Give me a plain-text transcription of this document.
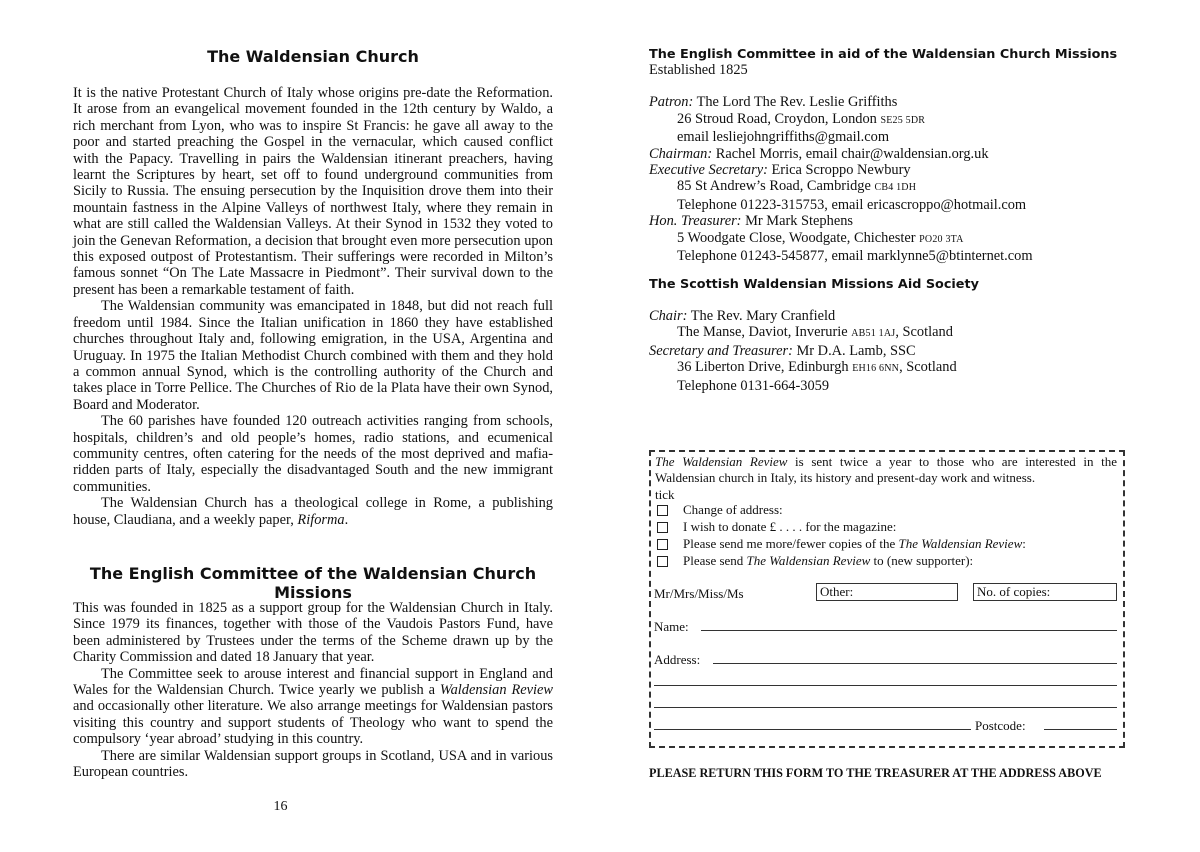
The Waldensian Church

It is the native Protestant Church of Italy whose origins pre-date the Reformation. It arose from an evangelical movement founded in the 12th century by Waldo, a rich merchant from Lyon, who was to inspire St Francis: he gave all away to the poor and started preaching the Gospel in the vernacular, which caused conflict with the Papacy. Travelling in pairs the Waldensian itinerant preachers, having learnt the Scriptures by heart, set off to found underground communities from Sicily to Russia. The ensuing persecution by the Inquisition drove them into their mountain fastness in the Alpine Valleys of northwest Italy, where they remain in what are still called the Waldensian Valleys. At their Synod in 1532 they voted to join the Genevan Reformation, a decision that brought even more persecution upon this exposed outpost of Protestantism. Their sufferings were recorded in Milton’s famous sonnet “On The Late Massacre in Piedmont”. Their survival down to the present has been a remarkable testament of faith.

The Waldensian community was emancipated in 1848, but did not reach full freedom until 1984. Since the Italian unification in 1860 they have established churches throughout Italy and, following emigration, in the USA, Argentina and Uruguay. In 1975 the Italian Methodist Church combined with them and they hold a common annual Synod, which is the controlling authority of the Church and takes place in Torre Pellice. The Churches of Rio de la Plata have their own Synod, Board and Moderator.

The 60 parishes have founded 120 outreach activities ranging from schools, hospitals, children’s and old people’s homes, radio stations, and ecumenical community centres, often catering for the needs of the most deprived and mafia-ridden parts of Italy, especially the disadvantaged South and the new immigrant communities.

The Waldensian Church has a theological college in Rome, a publishing house, Claudiana, and a weekly paper, Riforma.

The English Committee of the Waldensian Church Missions

This was founded in 1825 as a support group for the Waldensian Church in Italy. Since 1979 its finances, together with those of the Vaudois Pastors Fund, have been administered by Trustees under the terms of the Scheme drawn up by the Charity Commission and dated 18 January that year.

The Committee seek to arouse interest and financial support in England and Wales for the Waldensian Church. Twice yearly we publish a Waldensian Review and occasionally other literature. We also arrange meetings for Waldensian pastors visiting this country and support students of Theology who want to spend the compulsory ‘year abroad’ studying in this country.

There are similar Waldensian support groups in Scotland, USA and in various European countries.

16

The English Committee in aid of the Waldensian Church Missions

Established 1825

Patron: The Lord The Rev. Leslie Griffiths

26 Stroud Road, Croydon, London SE25 5DR

email lesliejohngriffiths@gmail.com

Chairman: Rachel Morris, email chair@waldensian.org.uk

Executive Secretary: Erica Scroppo Newbury

85 St Andrew’s Road, Cambridge CB4 1DH

Telephone 01223-315753, email ericascroppo@hotmail.com

Hon. Treasurer: Mr Mark Stephens

5 Woodgate Close, Woodgate, Chichester PO20 3TA

Telephone 01243-545877, email marklynne5@btinternet.com

The Scottish Waldensian Missions Aid Society

Chair: The Rev. Mary Cranfield

The Manse, Daviot, Inverurie AB51 1AJ, Scotland

Secretary and Treasurer: Mr D.A. Lamb, SSC

36 Liberton Drive, Edinburgh EH16 6NN, Scotland

Telephone 0131-664-3059

The Waldensian Review is sent twice a year to those who are interested in the Waldensian church in Italy, its history and present-day work and witness.
tick
Change of address:
I wish to donate £ . . . . for the magazine:
Please send me more/fewer copies of the The Waldensian Review:
Please send The Waldensian Review to (new supporter):
Mr/Mrs/Miss/Ms	Other:	No. of copies:
Name:
Address:
Postcode:
PLEASE RETURN THIS FORM TO THE TREASURER AT THE ADDRESS ABOVE
